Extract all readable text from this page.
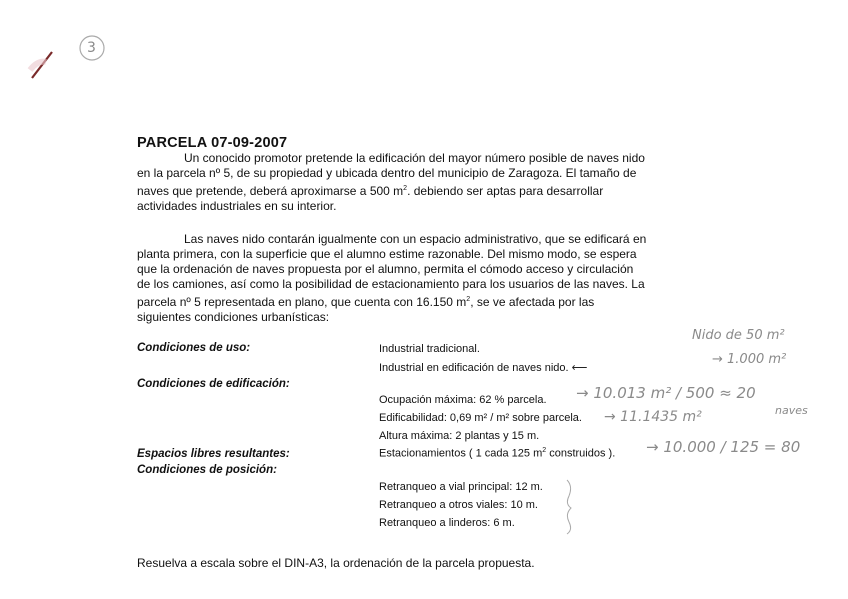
3
PARCELA 07-09-2007

Un conocido promotor pretende la edificación del mayor número posible de naves nido

en la parcela nº 5, de su propiedad y ubicada dentro del municipio de Zaragoza. El tamaño de

naves que pretende, deberá aproximarse a 500 $m^2$. debiendo ser aptas para desarrollar

actividades industriales en su interior.

Las naves nido contarán igualmente con un espacio administrativo, que se edificará en

planta primera, con la superficie que el alumno estime razonable. Del mismo modo, se espera

que la ordenación de naves propuesta por el alumno, permita el cómodo acceso y circulación

de los camiones, así como la posibilidad de estacionamiento para los usuarios de las naves. La

parcela nº 5 representada en plano, que cuenta con 16.150 $m^2$, se ve afectada por las

siguientes condiciones urbanísticas:

Condiciones de uso:	Industrial tradicional.
Industrial en edificación de naves nido. ⟵
Condiciones de edificación:
Ocupación máxima: 62 % parcela.
Edificabilidad: 0,69 m² / m² sobre parcela.
Altura máxima: 2 plantas y 15 m.
Espacios libres resultantes:	Estacionamientos ( 1 cada 125 $m^2$ construidos ).
Condiciones de posición:
Retranqueo a vial principal: 12 m.
Retranqueo a otros viales: 10 m.
Retranqueo a linderos: 6 m.
Nido de 50 m²
→ 1.000 m²
→ 10.013 m² / 500 ≈ 20
naves
→ 11.1435 m²
→ 10.000 / 125 = 80
Resuelva a escala sobre el DIN-A3, la ordenación de la parcela propuesta.
